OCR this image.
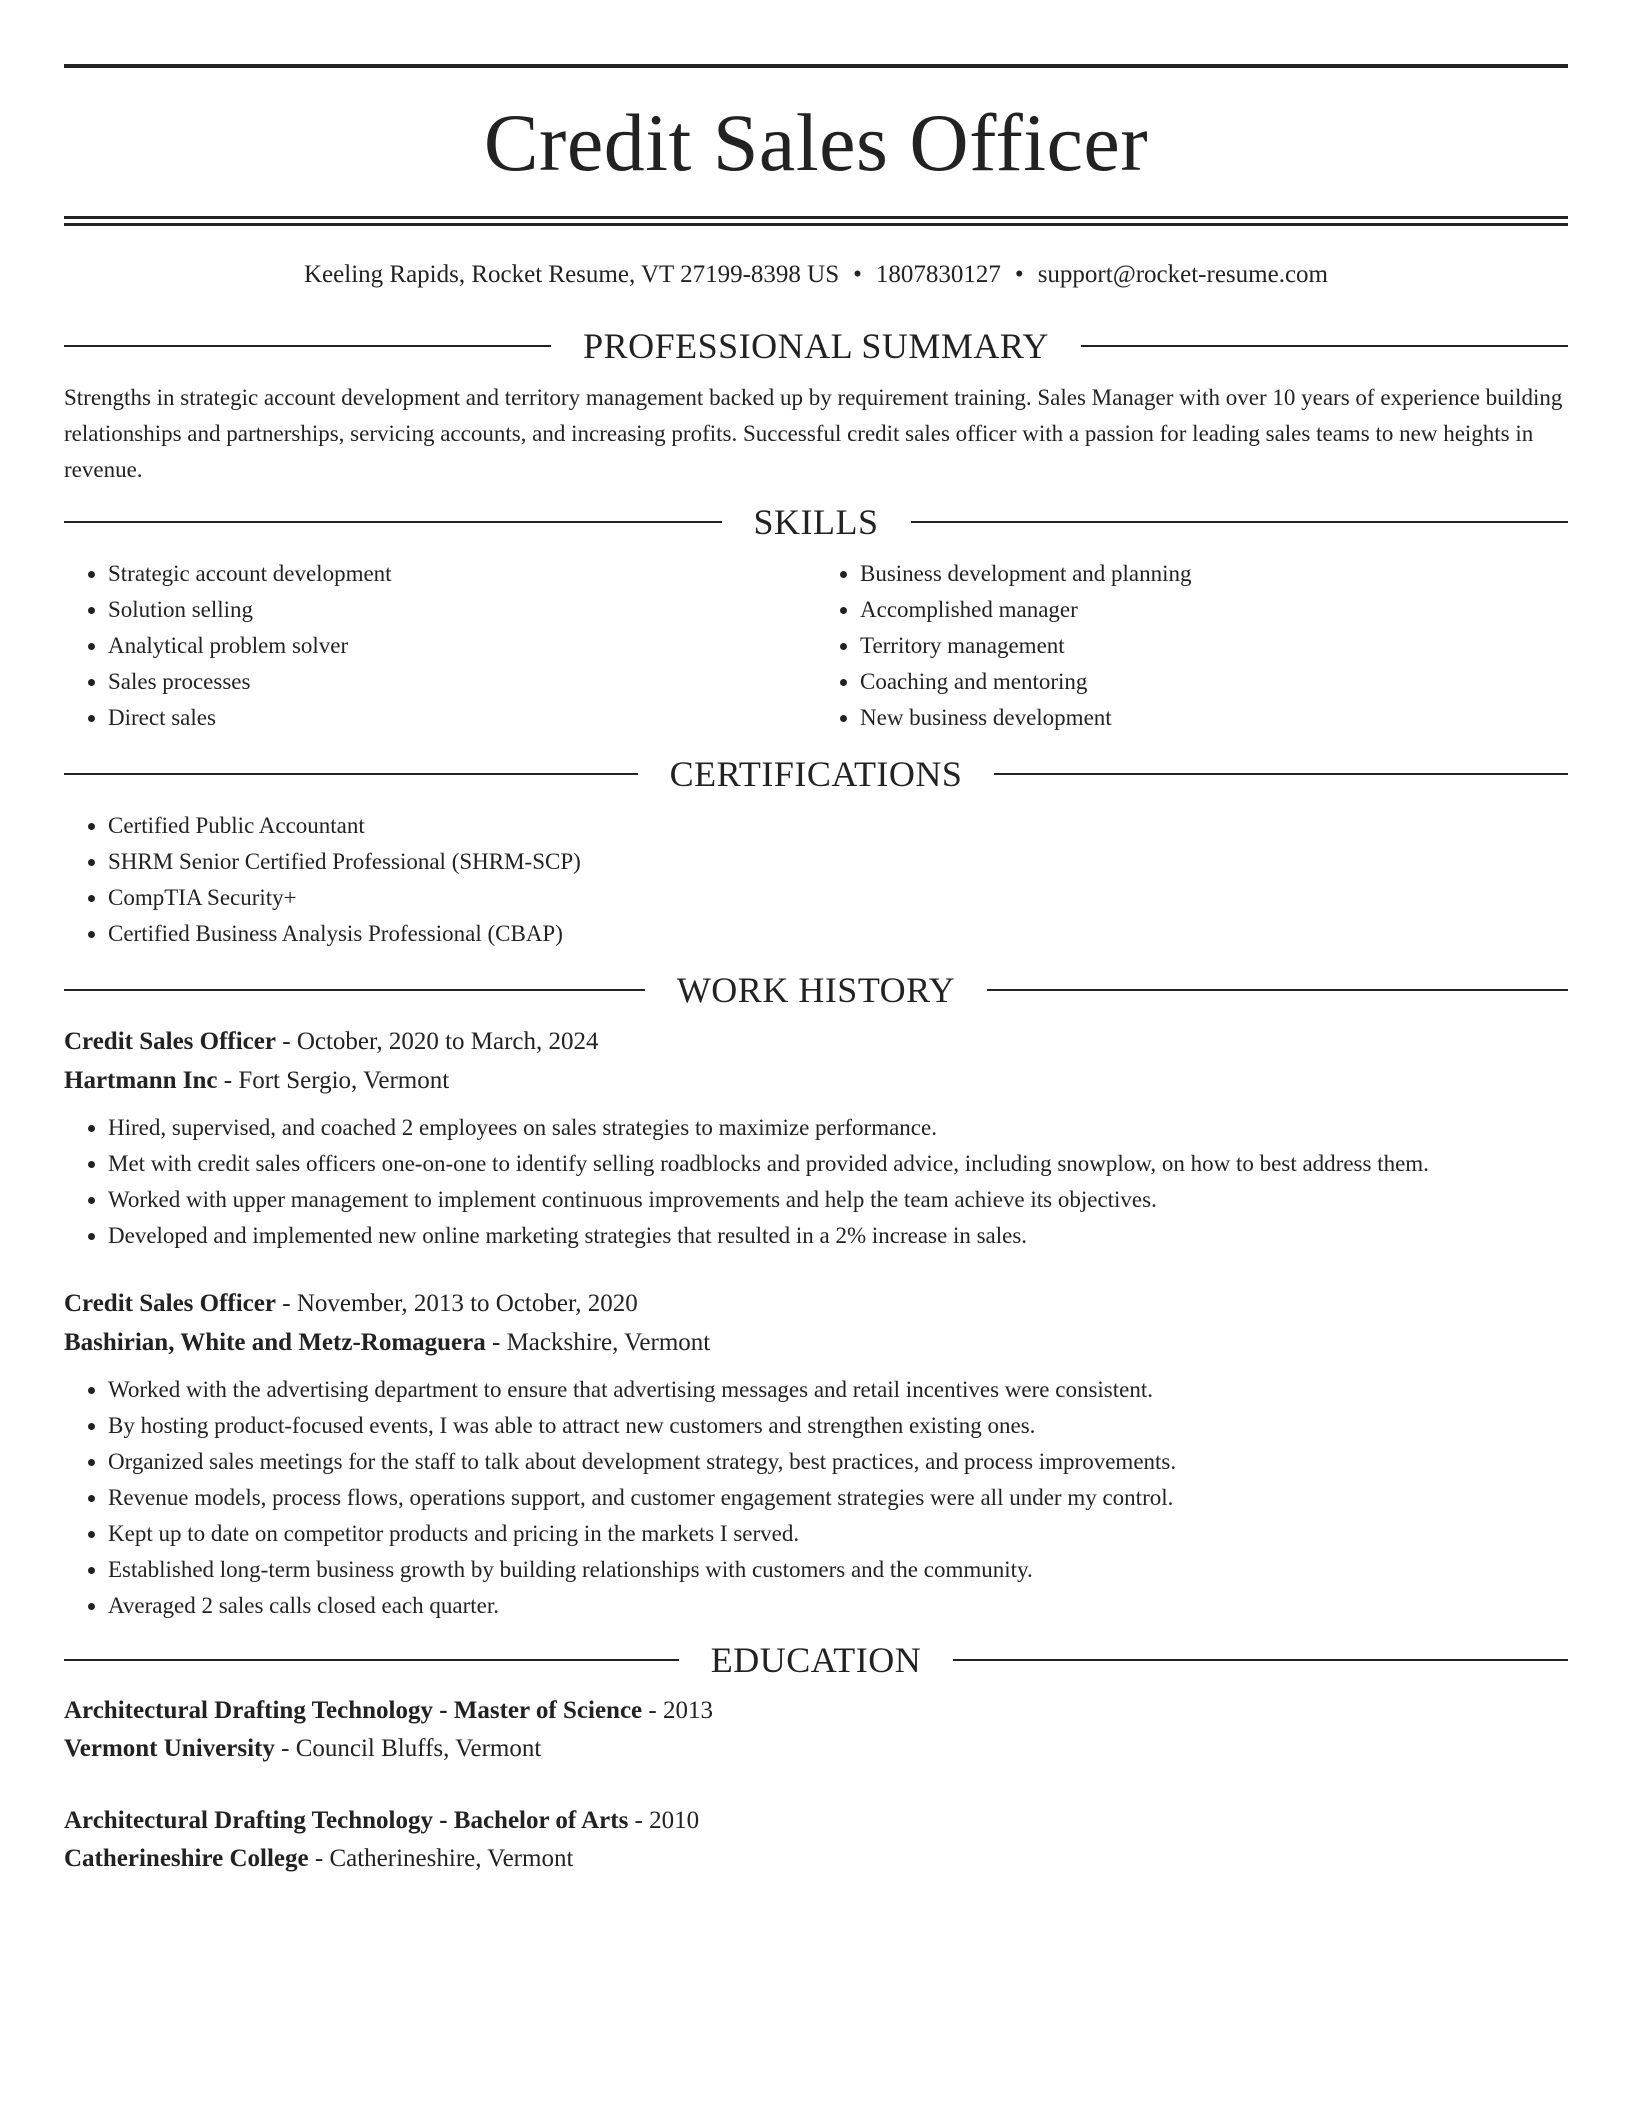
Credit Sales Officer
Keeling Rapids, Rocket Resume, VT 27199-8398 US • 1807830127 • support@rocket-resume.com
PROFESSIONAL SUMMARY

Strengths in strategic account development and territory management backed up by requirement training. Sales Manager with over 10 years of experience building relationships and partnerships, servicing accounts, and increasing profits. Successful credit sales officer with a passion for leading sales teams to new heights in revenue.

SKILLS
• Strategic account development
• Solution selling
• Analytical problem solver
• Sales processes
• Direct sales
• Business development and planning
• Accomplished manager
• Territory management
• Coaching and mentoring
• New business development
CERTIFICATIONS
• Certified Public Accountant
• SHRM Senior Certified Professional (SHRM-SCP)
• CompTIA Security+
• Certified Business Analysis Professional (CBAP)
WORK HISTORY
Credit Sales Officer - October, 2020 to March, 2024
Hartmann Inc - Fort Sergio, Vermont
• Hired, supervised, and coached 2 employees on sales strategies to maximize performance.
• Met with credit sales officers one-on-one to identify selling roadblocks and provided advice, including snowplow, on how to best address them.
• Worked with upper management to implement continuous improvements and help the team achieve its objectives.
• Developed and implemented new online marketing strategies that resulted in a 2% increase in sales.
Credit Sales Officer - November, 2013 to October, 2020
Bashirian, White and Metz-Romaguera - Mackshire, Vermont
• Worked with the advertising department to ensure that advertising messages and retail incentives were consistent.
• By hosting product-focused events, I was able to attract new customers and strengthen existing ones.
• Organized sales meetings for the staff to talk about development strategy, best practices, and process improvements.
• Revenue models, process flows, operations support, and customer engagement strategies were all under my control.
• Kept up to date on competitor products and pricing in the markets I served.
• Established long-term business growth by building relationships with customers and the community.
• Averaged 2 sales calls closed each quarter.
EDUCATION
Architectural Drafting Technology - Master of Science - 2013
Vermont University - Council Bluffs, Vermont
Architectural Drafting Technology - Bachelor of Arts - 2010
Catherineshire College - Catherineshire, Vermont
